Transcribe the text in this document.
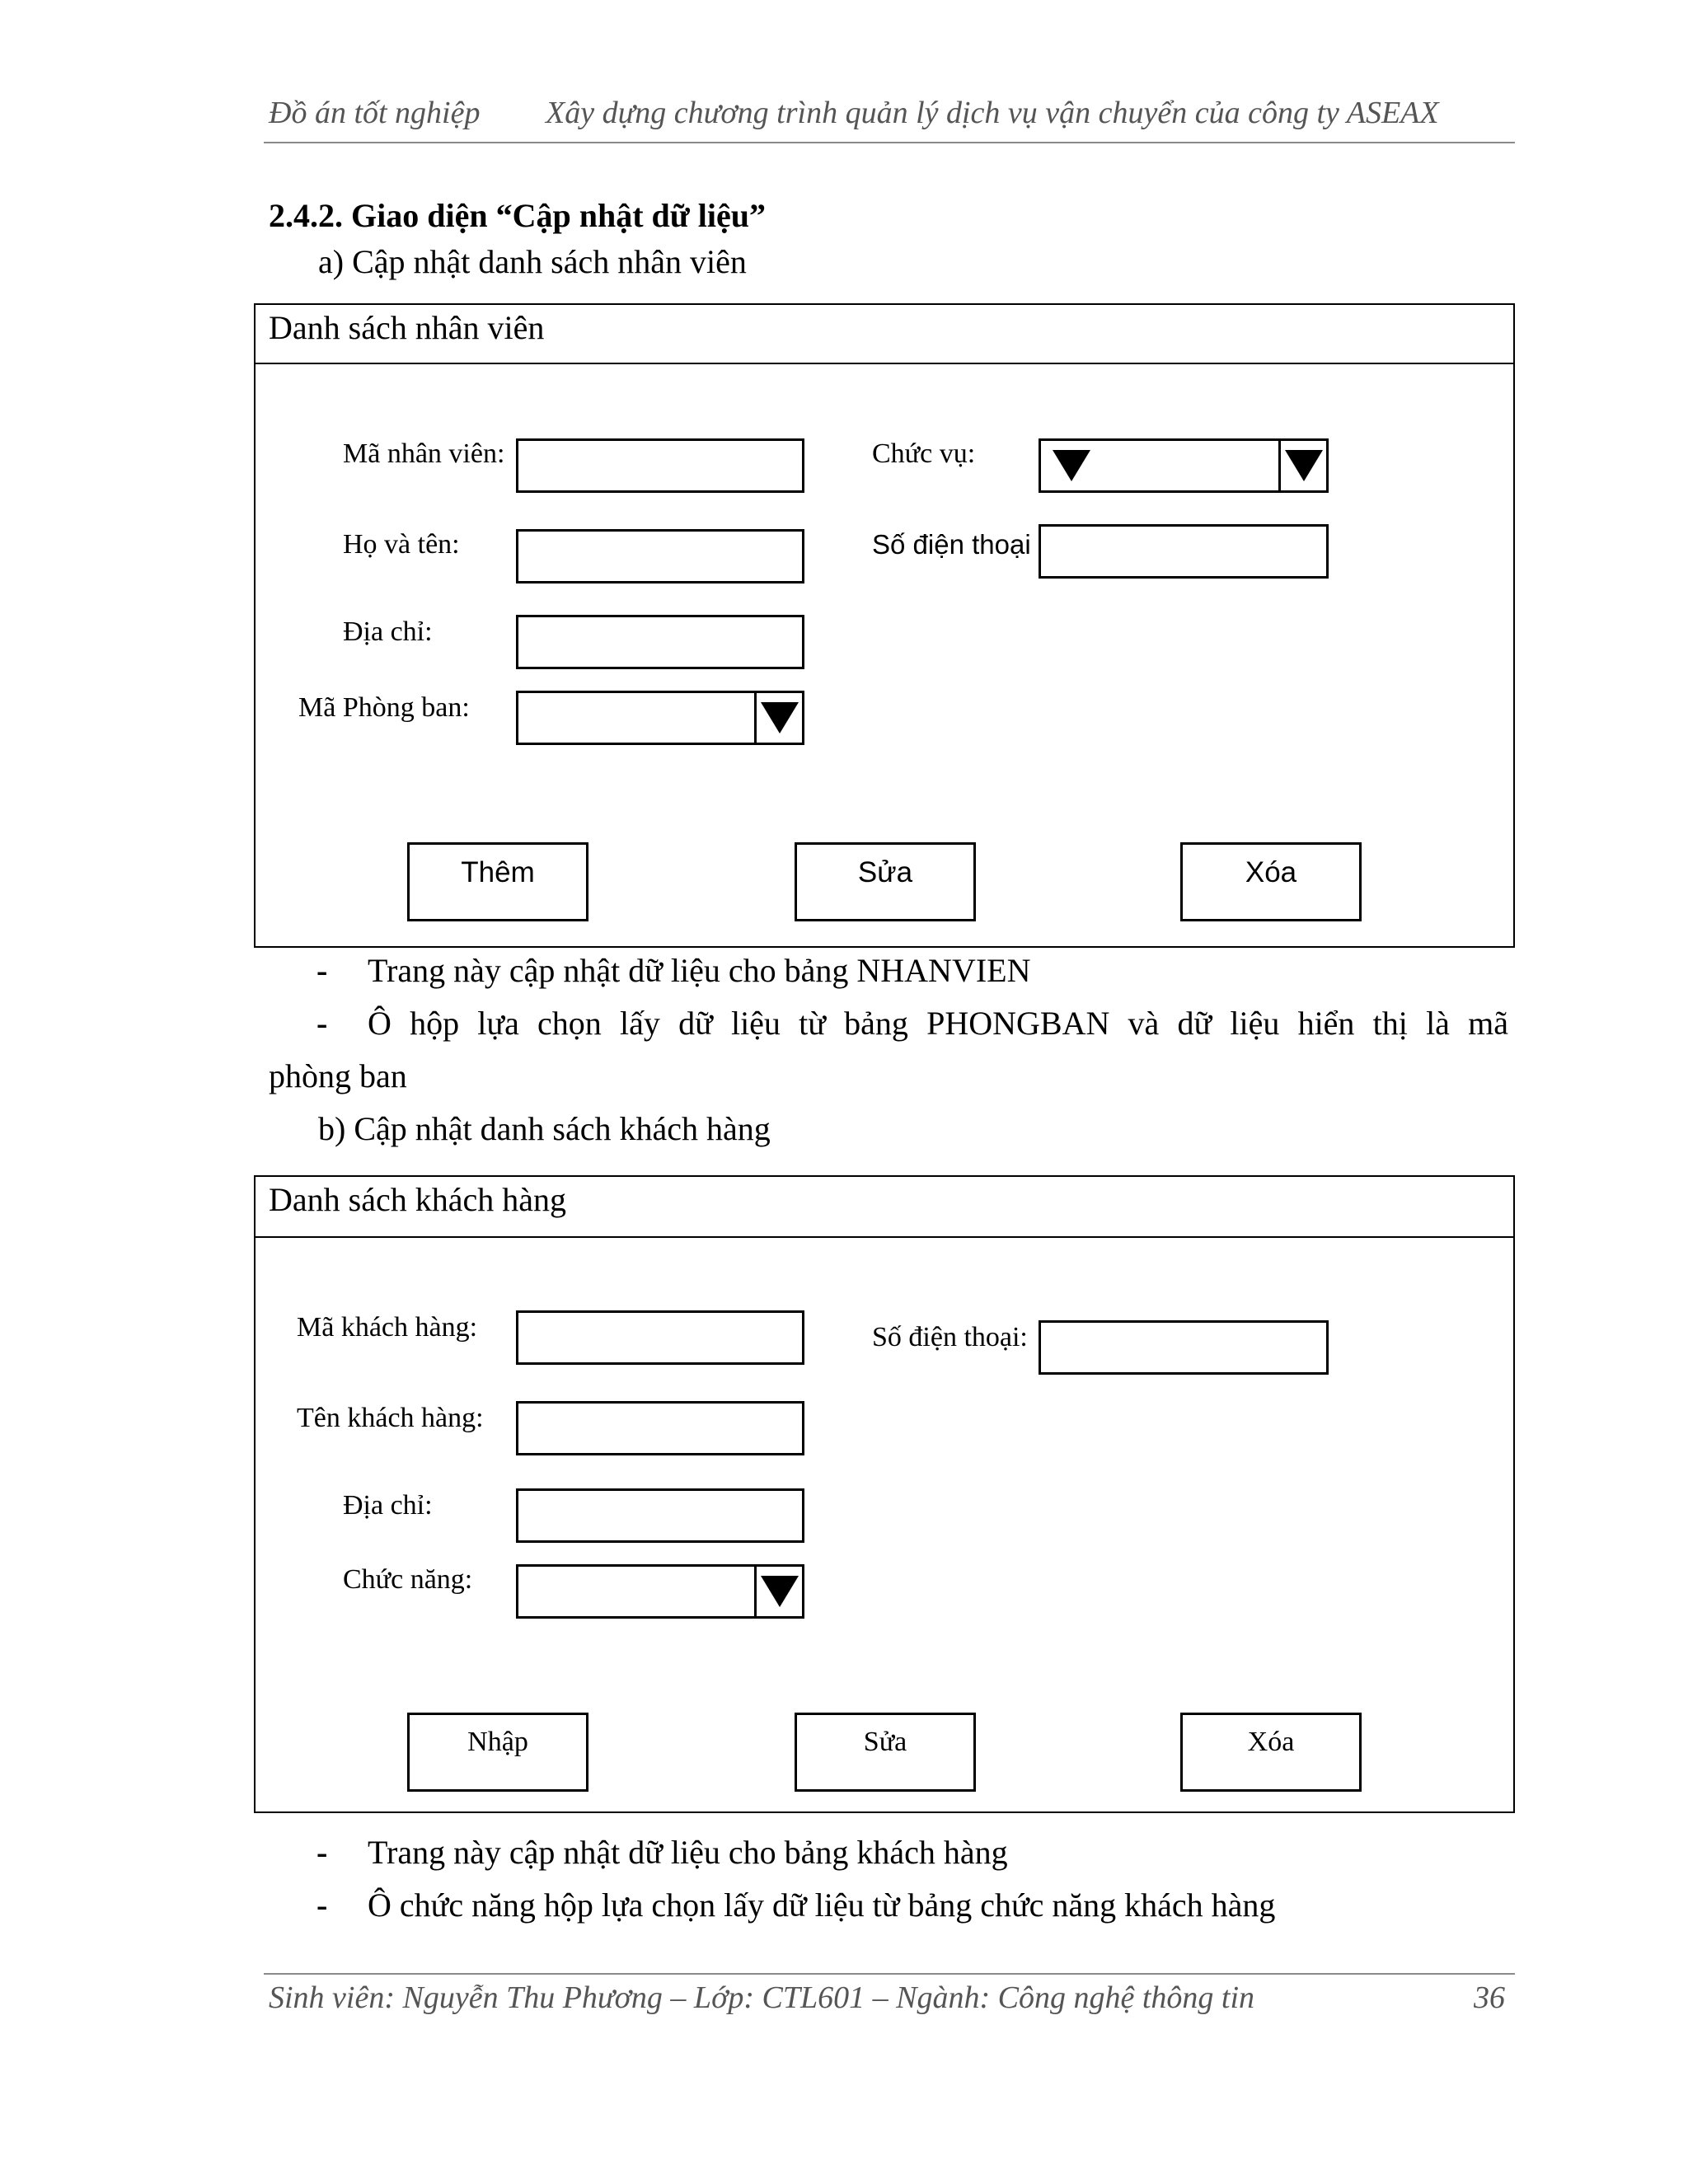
Đồ án tốt nghiệp Xây dựng chương trình quản lý dịch vụ vận chuyển của công ty ASEAX
2.4.2. Giao diện “Cập nhật dữ liệu”
a) Cập nhật danh sách nhân viên
Danh sách nhân viên
Mã nhân viên:	Chức vụ:
Họ và tên:	Số điện thoại
Địa chỉ:
Mã Phòng ban:
Thêm	Sửa	Xóa
- Trang này cập nhật dữ liệu cho bảng NHANVIEN
- Ô hộp lựa chọn lấy dữ liệu từ bảng PHONGBAN và dữ liệu hiển thị là mã
phòng ban
b) Cập nhật danh sách khách hàng
Danh sách khách hàng
Mã khách hàng:	Số điện thoại:
Tên khách hàng:
Địa chỉ:
Chức năng:
Nhập	Sửa	Xóa
- Trang này cập nhật dữ liệu cho bảng khách hàng
- Ô chức năng hộp lựa chọn lấy dữ liệu từ bảng chức năng khách hàng
Sinh viên: Nguyễn Thu Phương – Lớp: CTL601 – Ngành: Công nghệ thông tin	36
